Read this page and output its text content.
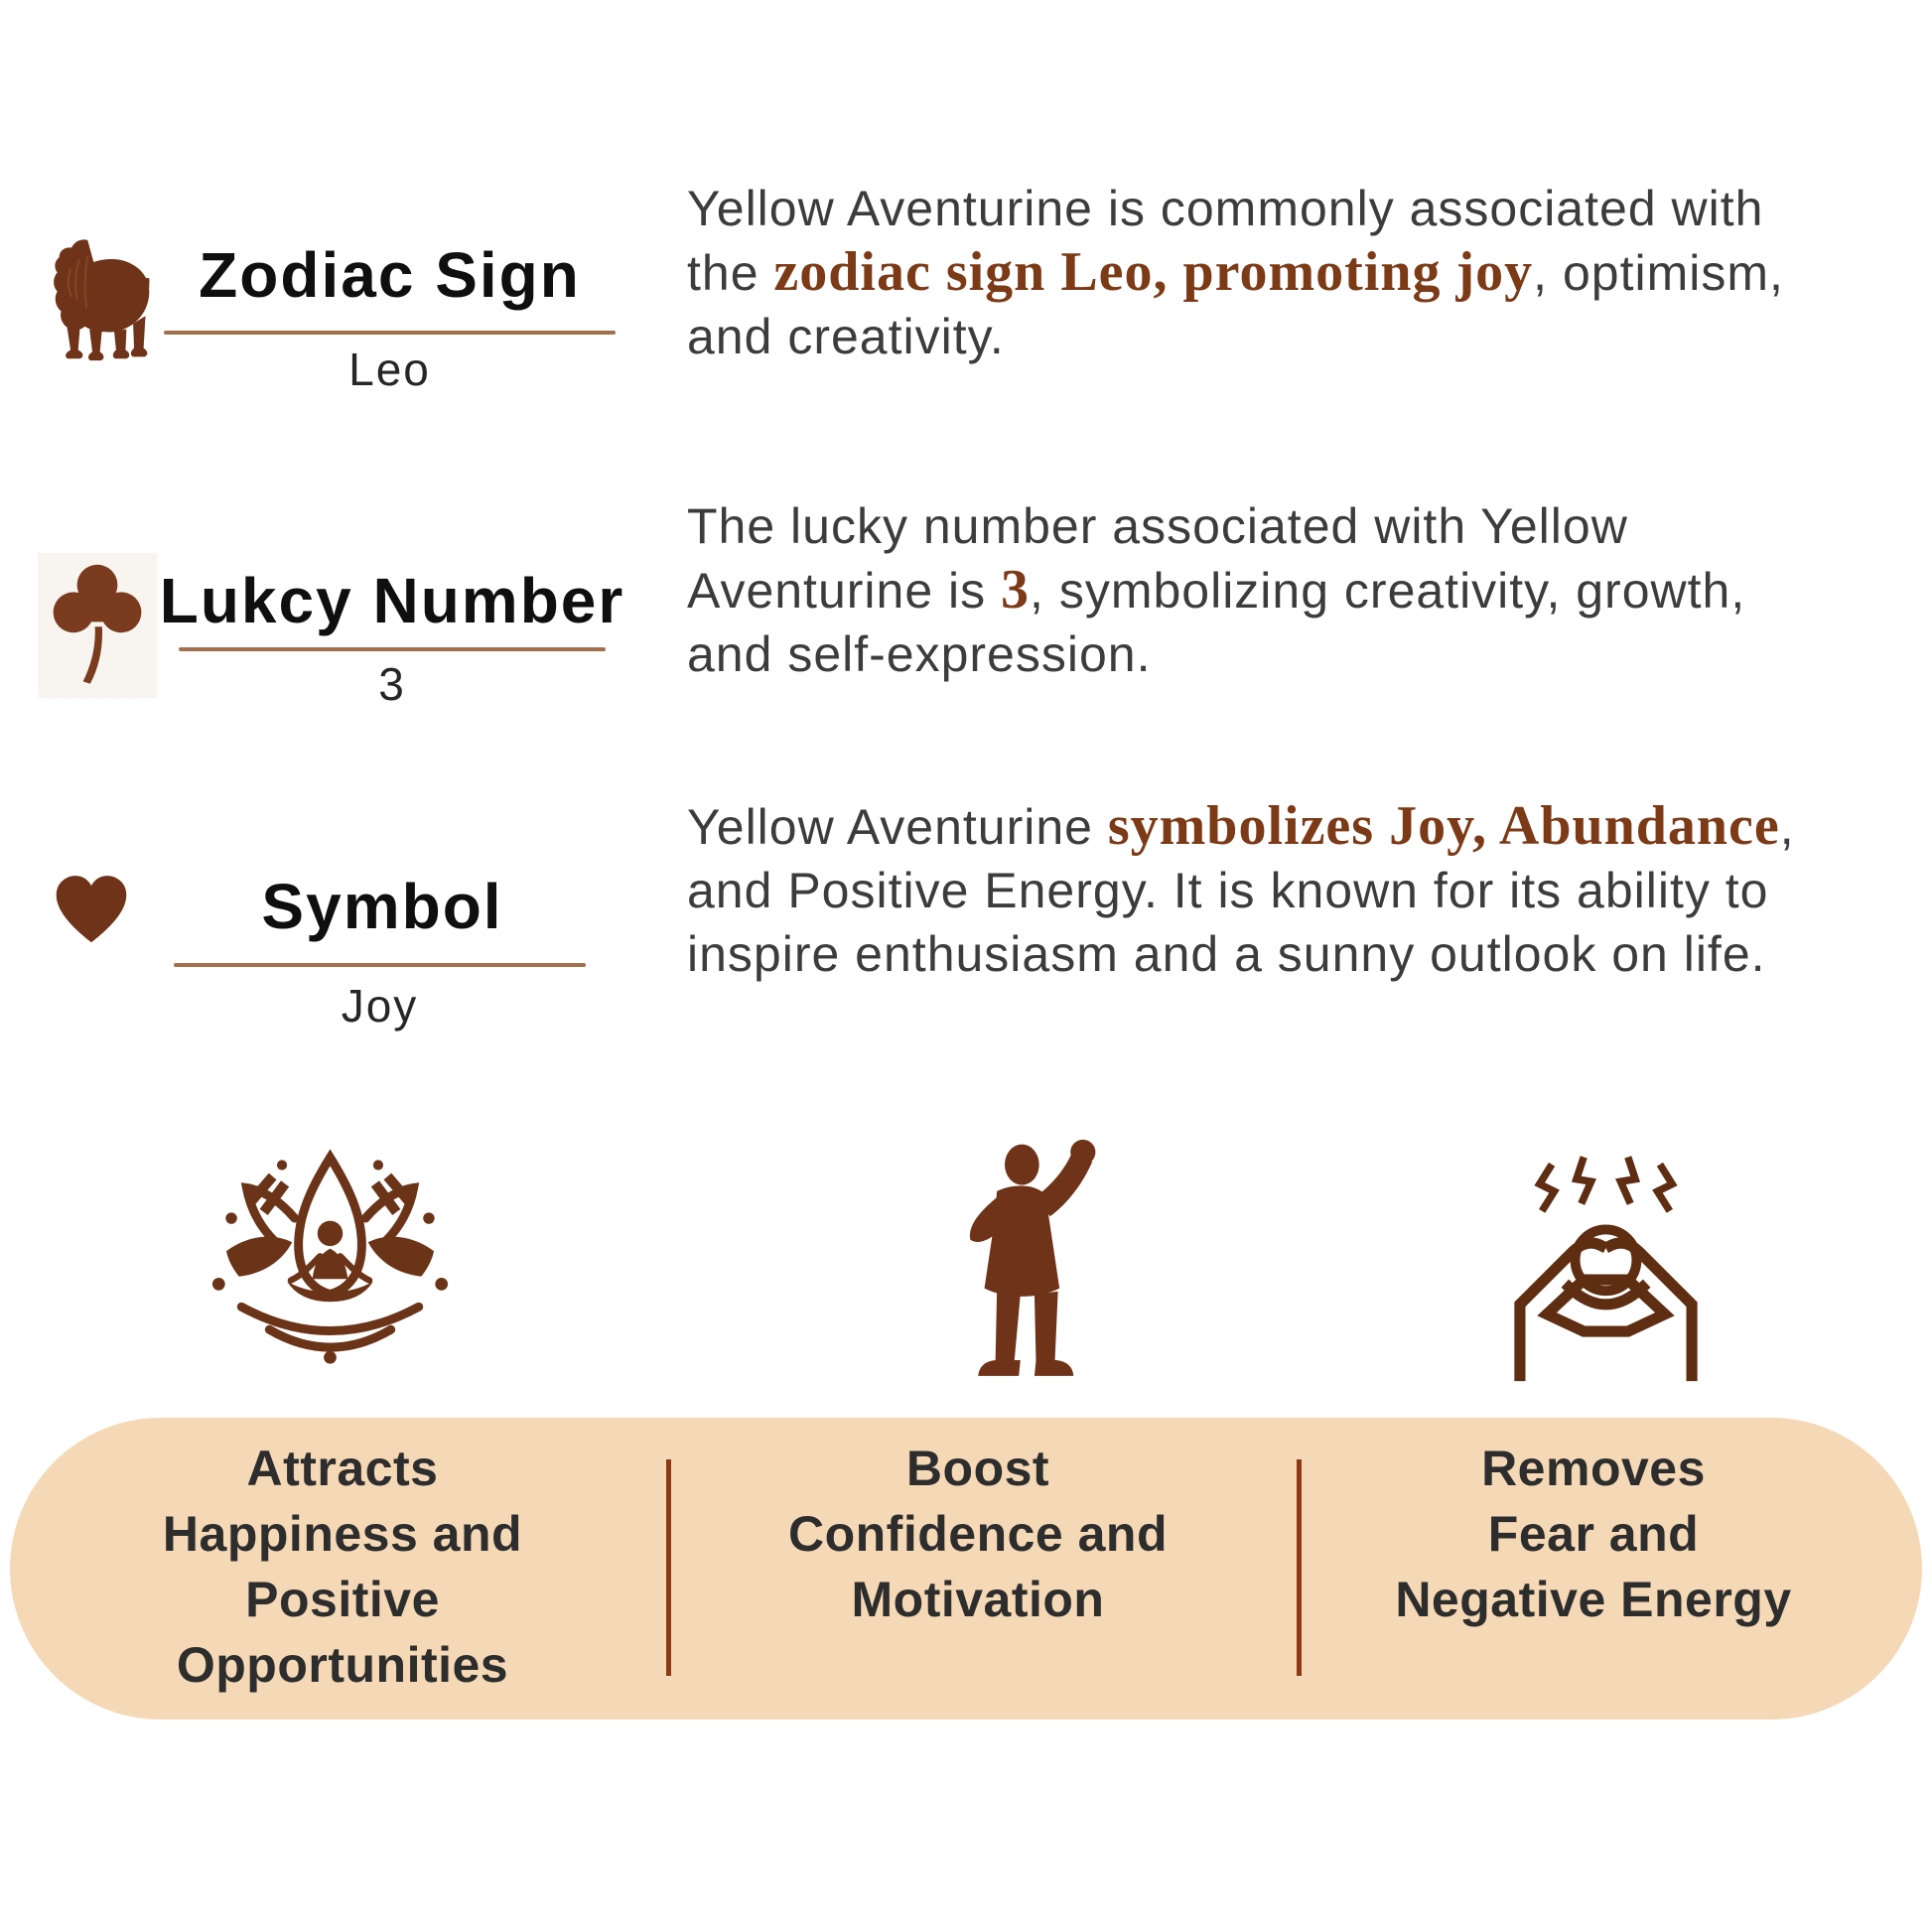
Zodiac Sign
Leo
Yellow Aventurine is commonly associated with the zodiac sign Leo, promoting joy, optimism, and creativity.
Lukcy Number
3
The lucky number associated with Yellow Aventurine is 3, symbolizing creativity, growth, and self-expression.
Symbol
Joy
Yellow Aventurine symbolizes Joy, Abundance, and Positive Energy. It is known for its ability to inspire enthusiasm and a sunny outlook on life.
Attracts
Happiness and
Positive
Opportunities
Boost
Confidence and
Motivation
Removes
Fear and
Negative Energy
